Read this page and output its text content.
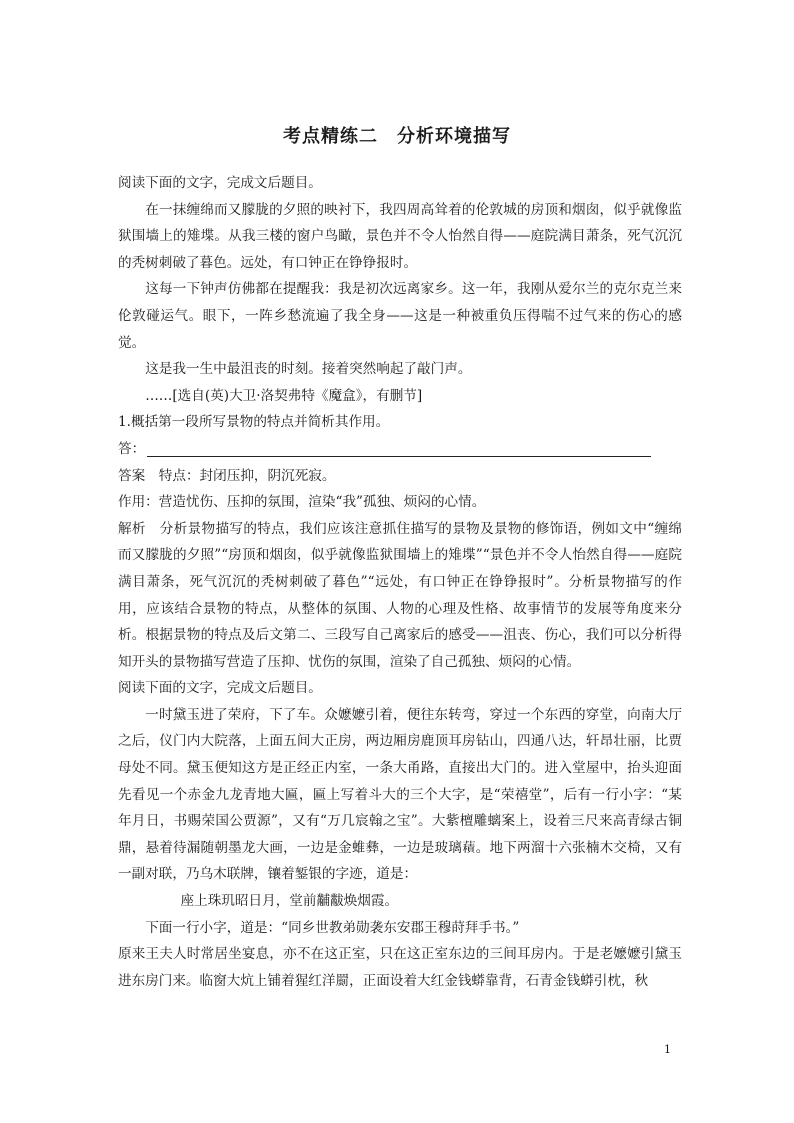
考点精练二　分析环境描写

阅读下面的文字，完成文后题目。

在一抹缠绵而又朦胧的夕照的映衬下，我四周高耸着的伦敦城的房顶和烟囱，似乎就像监狱围墙上的雉堞。从我三楼的窗户鸟瞰，景色并不令人怡然自得——庭院满目萧条，死气沉沉的秃树刺破了暮色。远处，有口钟正在铮铮报时。

这每一下钟声仿佛都在提醒我：我是初次远离家乡。这一年，我刚从爱尔兰的克尔克兰来伦敦碰运气。眼下，一阵乡愁流遍了我全身——这是一种被重负压得喘不过气来的伤心的感觉。

这是我一生中最沮丧的时刻。接着突然响起了敲门声。

……[选自(英)大卫·洛契弗特《魔盒》，有删节]

1.概括第一段所写景物的特点并简析其作用。

答：

答案　特点：封闭压抑，阴沉死寂。

作用：营造忧伤、压抑的氛围，渲染“我”孤独、烦闷的心情。

解析　分析景物描写的特点，我们应该注意抓住描写的景物及景物的修饰语，例如文中“缠绵而又朦胧的夕照”“房顶和烟囱，似乎就像监狱围墙上的雉堞”“景色并不令人怡然自得——庭院满目萧条，死气沉沉的秃树刺破了暮色”“远处，有口钟正在铮铮报时”。分析景物描写的作用，应该结合景物的特点，从整体的氛围、人物的心理及性格、故事情节的发展等角度来分析。根据景物的特点及后文第二、三段写自己离家后的感受——沮丧、伤心，我们可以分析得知开头的景物描写营造了压抑、忧伤的氛围，渲染了自己孤独、烦闷的心情。

阅读下面的文字，完成文后题目。

一时黛玉进了荣府，下了车。众嬷嬷引着，便往东转弯，穿过一个东西的穿堂，向南大厅之后，仪门内大院落，上面五间大正房，两边厢房鹿顶耳房钻山，四通八达，轩昂壮丽，比贾母处不同。黛玉便知这方是正经正内室，一条大甬路，直接出大门的。进入堂屋中，抬头迎面先看见一个赤金九龙青地大匾，匾上写着斗大的三个大字，是“荣禧堂”，后有一行小字：“某年月日，书赐荣国公贾源”，又有“万几宸翰之宝”。大紫檀雕螭案上，设着三尺来高青绿古铜鼎，悬着待漏随朝墨龙大画，一边是金蜼彝，一边是玻璃𧂐。地下两溜十六张楠木交椅，又有一副对联，乃乌木联牌，镶着錾银的字迹，道是：

座上珠玑昭日月，堂前黼黻焕烟霞。

下面一行小字，道是：“同乡世教弟勋袭东安郡王穆莳拜手书。”

原来王夫人时常居坐宴息，亦不在这正室，只在这正室东边的三间耳房内。于是老嬷嬷引黛玉进东房门来。临窗大炕上铺着猩红洋罽，正面设着大红金钱蟒靠背，石青金钱蟒引枕，秋

1
